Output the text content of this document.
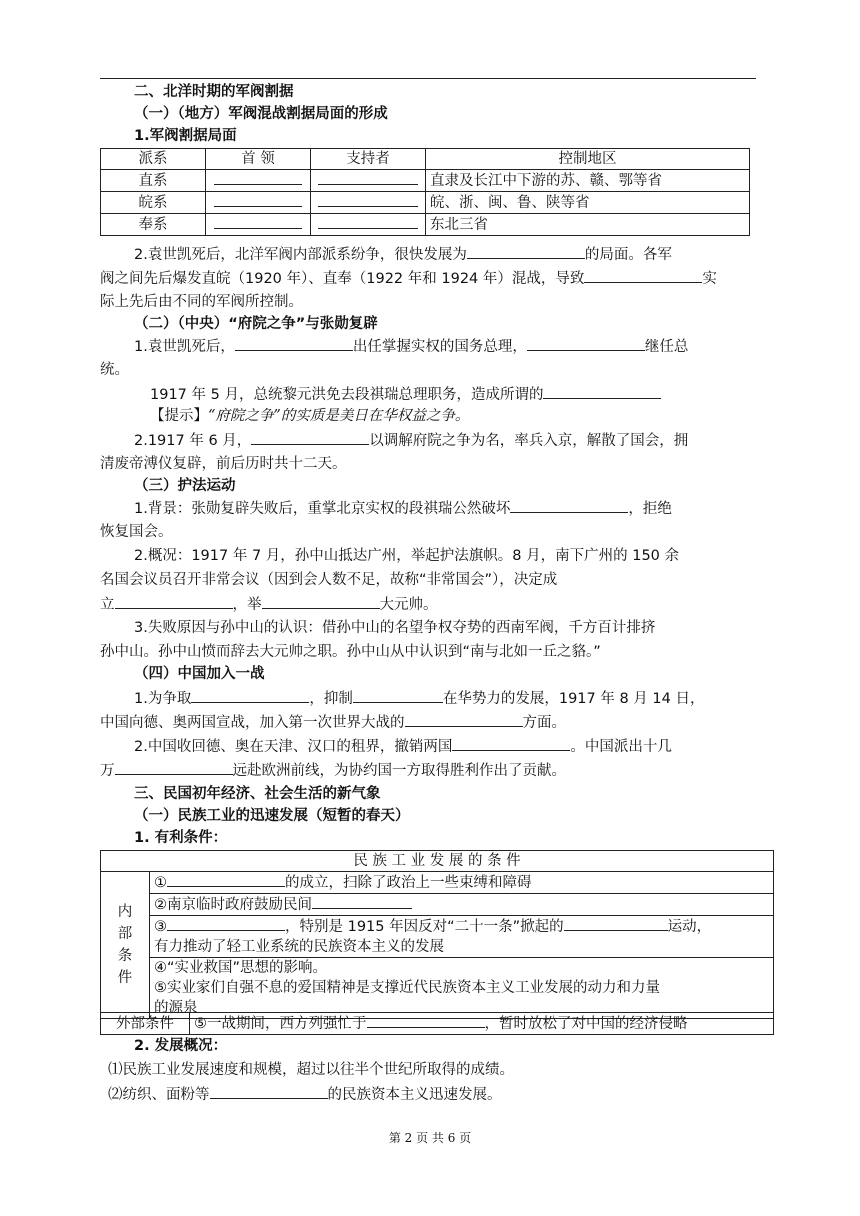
二、北洋时期的军阀割据
（一）（地方）军阀混战割据局面的形成
1.军阀割据局面
派系	首 领	支持者	控制地区
直系			直隶及长江中下游的苏、赣、鄂等省
皖系			皖、浙、闽、鲁、陕等省
奉系			东北三省
2.袁世凯死后，北洋军阀内部派系纷争，很快发展为	的局面。各军
阀之间先后爆发直皖（1920 年）、直奉（1922 年和 1924 年）混战，导致	实
际上先后由不同的军阀所控制。
（二）（中央）“府院之争”与张勋复辟
1.袁世凯死后，	出任掌握实权的国务总理，	继任总
统。
1917 年 5 月，总统黎元洪免去段祺瑞总理职务，造成所谓的
【提示】“府院之争”的实质是美日在华权益之争。
2.1917 年 6 月，	以调解府院之争为名，率兵入京，解散了国会，拥
清废帝溥仪复辟，前后历时共十二天。
（三）护法运动
1.背景：张勋复辟失败后，重掌北京实权的段祺瑞公然破坏	，拒绝
恢复国会。
2.概况：1917 年 7 月，孙中山抵达广州，举起护法旗帜。8 月，南下广州的 150 余
名国会议员召开非常会议（因到会人数不足，故称“非常国会”），决定成
立	，举	大元帅。
3.失败原因与孙中山的认识：借孙中山的名望争权夺势的西南军阀，千方百计排挤
孙中山。孙中山愤而辞去大元帅之职。孙中山从中认识到“南与北如一丘之貉。”
（四）中国加入一战
1.为争取	，抑制	在华势力的发展，1917 年 8 月 14 日，
中国向德、奥两国宣战，加入第一次世界大战的	方面。
2.中国收回德、奥在天津、汉口的租界，撤销两国	。中国派出十几
万	远赴欧洲前线，为协约国一方取得胜利作出了贡献。
三、民国初年经济、社会生活的新气象
（一）民族工业的迅速发展（短暂的春天）
1. 有利条件：
民 族 工 业 发 展 的 条 件
内
部
条
件	①	的成立，扫除了政治上一些束缚和障碍
②南京临时政府鼓励民间
③	，特别是 1915 年因反对“二十一条”掀起的	运动，
有力推动了轻工业系统的民族资本主义的发展
④“实业救国”思想的影响。
⑤实业家们自强不息的爱国精神是支撑近代民族资本主义工业发展的动力和力量
的源泉
外部条件	⑤一战期间，西方列强忙于	，暂时放松了对中国的经济侵略
2. 发展概况：
⑴民族工业发展速度和规模，超过以往半个世纪所取得的成绩。
⑵纺织、面粉等	的民族资本主义迅速发展。
第 2 页 共 6 页
